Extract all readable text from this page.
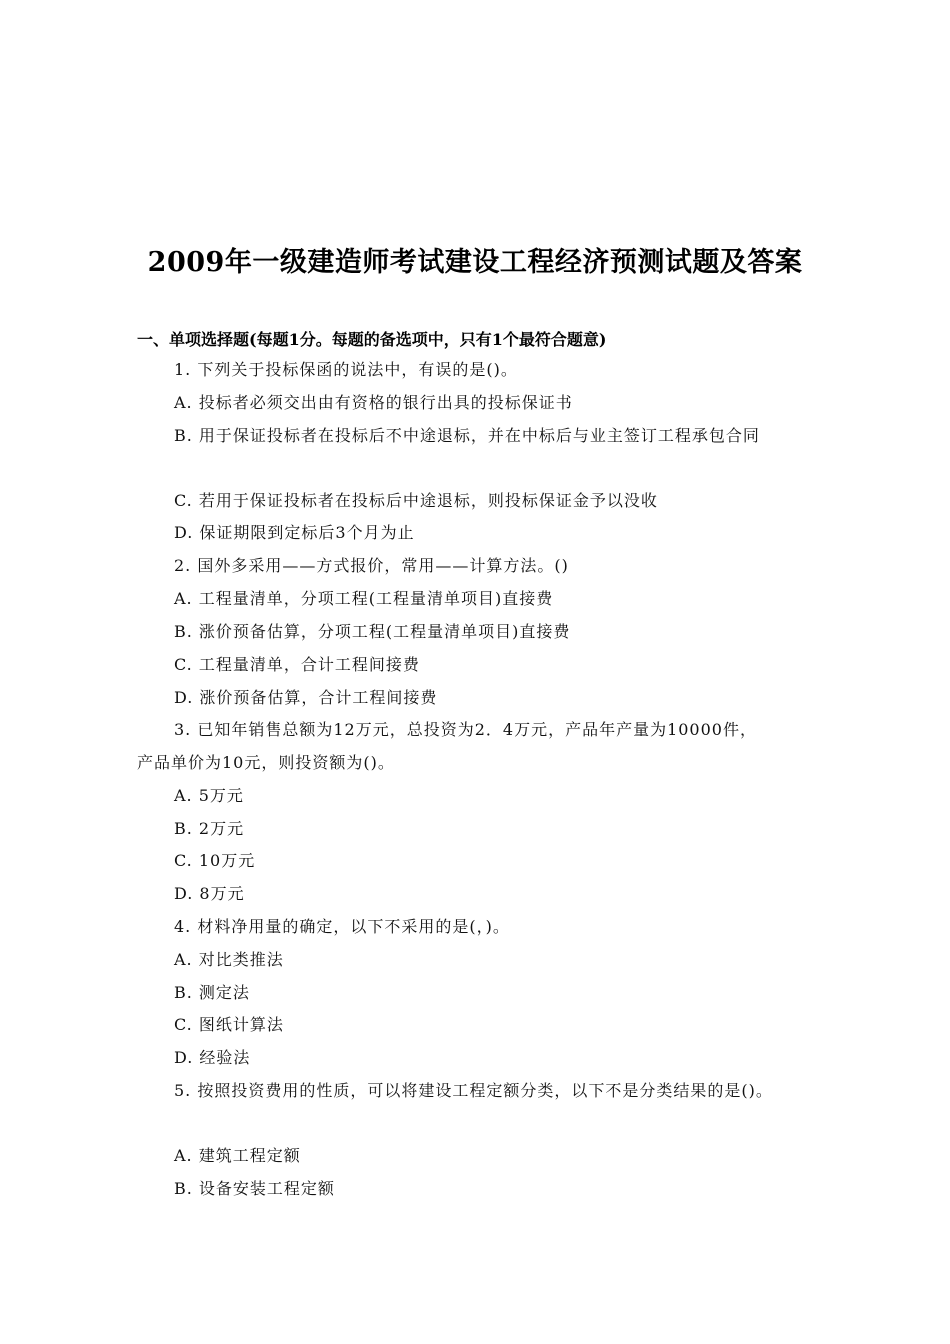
2009年一级建造师考试建设工程经济预测试题及答案
一、单项选择题(每题1分。每题的备选项中，只有1个最符合题意)
1. 下列关于投标保函的说法中，有误的是()。
A. 投标者必须交出由有资格的银行出具的投标保证书
B. 用于保证投标者在投标后不中途退标，并在中标后与业主签订工程承包合同
C. 若用于保证投标者在投标后中途退标，则投标保证金予以没收
D. 保证期限到定标后3个月为止
2. 国外多采用——方式报价，常用——计算方法。()
A. 工程量清单，分项工程(工程量清单项目)直接费
B. 涨价预备估算，分项工程(工程量清单项目)直接费
C. 工程量清单，合计工程间接费
D. 涨价预备估算，合计工程间接费
3. 已知年销售总额为12万元，总投资为2．4万元，产品年产量为10000件，
产品单价为10元，则投资额为()。
A. 5万元
B. 2万元
C. 10万元
D. 8万元
4. 材料净用量的确定，以下不采用的是(，)。
A. 对比类推法
B. 测定法
C. 图纸计算法
D. 经验法
5. 按照投资费用的性质，可以将建设工程定额分类，以下不是分类结果的是()。
A. 建筑工程定额
B. 设备安装工程定额
